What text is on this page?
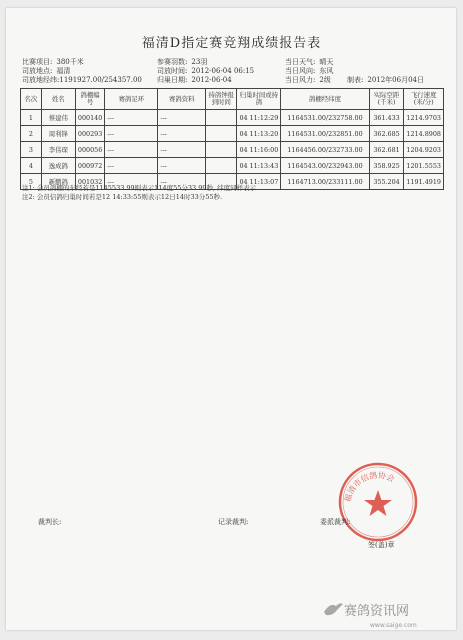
福清D指定赛竞翔成绩报告表
比赛项目: 380千米	参赛羽数: 23羽	当日天气: 晴天
司放地点: 福清	司放时间: 2012-06-04 06:15	当日风向: 东风
司放地经纬:1191927.00/254357.00 归巢日期: 2012-06-04	当日风力: 2级 制表: 2012年06月04日
名次	姓名	鸽棚编号	赛鸽足环	赛鸽资料	持鸽钟报到时间	归巢时间或持鸽	鸽棚经纬度	实际空距(千米)	飞行速度(米/分)
1	蔡建伟	000140	---	---		04 11:12:29	1164531.00/232758.00	361.433	1214.9703
2	周利锋	000293	---	---		04 11:13:20	1164531.00/232851.00	362.685	1214.8908
3	李伟琛	000056	---	---		04 11:16:00	1164456.00/232733.00	362.681	1204.9203
4	逸成鸽	000972	---	---		04 11:13:43	1164543.00/232943.00	358.925	1201.5553
5	新鹏鸽	001032	---	---		04 11:13:07	1164713.00/233111.00	355.204	1191.4919
注1: 会员鸽棚的东经若是1145533.99则表示114度55分33.99秒, 纬度同样表示.
注2: 会员信鸽归巢时间若是12 14:33:55则表示12日14时33分55秒.
福清市信鸽协会
裁判长:	记录裁判:	委派裁判:
签(盖)章
赛鸽资讯网
www.saige.com
